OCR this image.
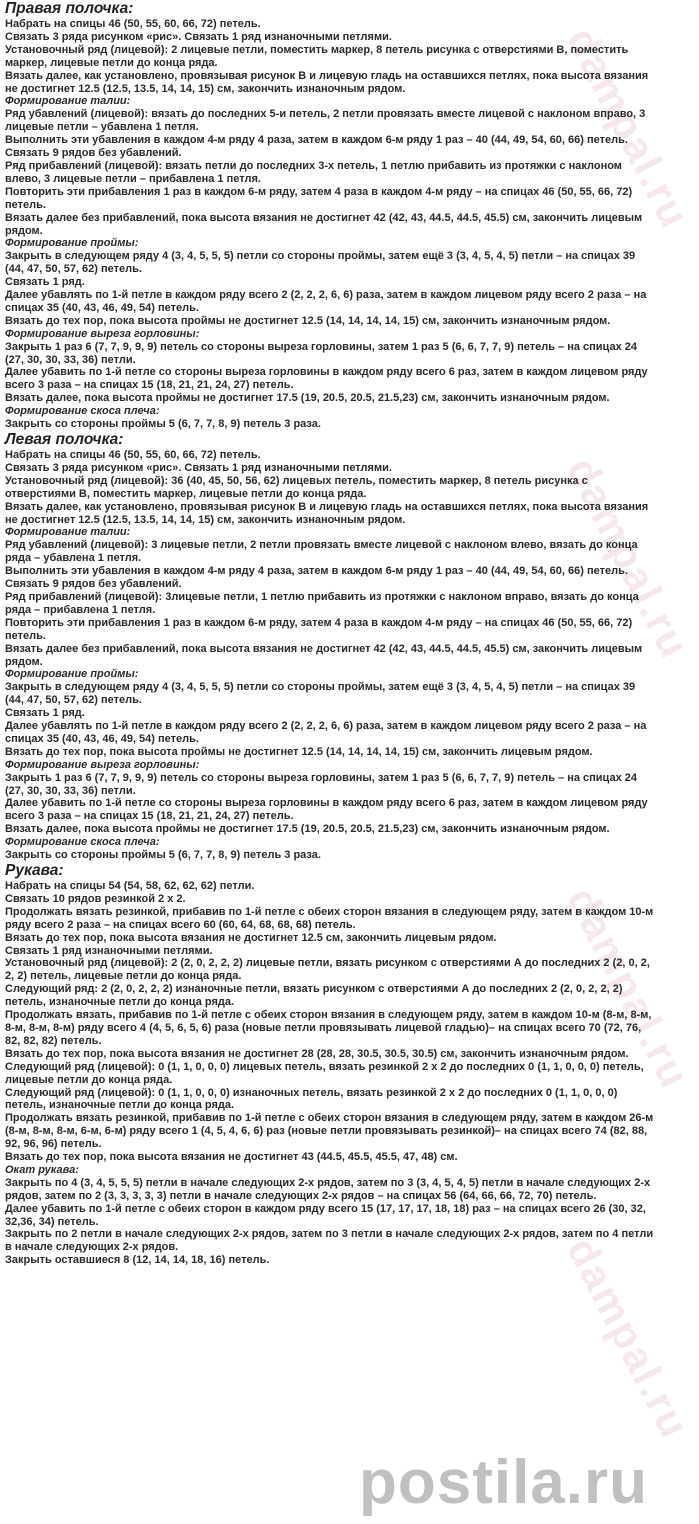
dampal.ru
dampal.ru
dampal.ru
dampal.ru
Правая полочка:
Набрать на спицы 46 (50, 55, 60, 66, 72) петель.
Связать 3 ряда рисунком «рис». Связать 1 ряд изнаночными петлями.
Установочный ряд (лицевой): 2 лицевые петли, поместить маркер, 8 петель рисунка с отверстиями В, поместить маркер, лицевые петли до конца ряда.
Вязать далее, как установлено, провязывая рисунок В и лицевую гладь на оставшихся петлях, пока высота вязания не достигнет 12.5 (12.5, 13.5, 14, 14, 15) см, закончить изнаночным рядом.
Формирование талии:
Ряд убавлений (лицевой): вязать до последних 5-и петель, 2 петли провязать вместе лицевой с наклоном вправо, 3 лицевые петли – убавлена 1 петля.
Выполнить эти убавления в каждом 4-м ряду 4 раза, затем в каждом 6-м ряду 1 раз – 40 (44, 49, 54, 60, 66) петель.
Связать 9 рядов без убавлений.
Ряд прибавлений (лицевой): вязать петли до последних 3-х петель, 1 петлю прибавить из протяжки с наклоном влево, 3 лицевые петли – прибавлена 1 петля.
Повторить эти прибавления 1 раз в каждом 6-м ряду, затем 4 раза в каждом 4-м ряду – на спицах 46 (50, 55, 66, 72) петель.
Вязать далее без прибавлений, пока высота вязания не достигнет 42 (42, 43, 44.5, 44.5, 45.5) см, закончить лицевым рядом.
Формирование проймы:
Закрыть в следующем ряду 4 (3, 4, 5, 5, 5) петли со стороны проймы, затем ещё 3 (3, 4, 5, 4, 5) петли – на спицах 39 (44, 47, 50, 57, 62) петель.
Связать 1 ряд.
Далее убавлять по 1-й петле в каждом ряду всего 2 (2, 2, 2, 6, 6) раза, затем в каждом лицевом ряду всего 2 раза – на спицах 35 (40, 43, 46, 49, 54) петель.
Вязать до тех пор, пока высота проймы не достигнет 12.5 (14, 14, 14, 14, 15) см, закончить изнаночным рядом.
Формирование выреза горловины:
Закрыть 1 раз 6 (7, 7, 9, 9, 9) петель со стороны выреза горловины, затем 1 раз 5 (6, 6, 7, 7, 9) петель – на спицах 24 (27, 30, 30, 33, 36) петли.
Далее убавить по 1-й петле со стороны выреза горловины в каждом ряду всего 6 раз, затем в каждом лицевом ряду всего 3 раза – на спицах 15 (18, 21, 21, 24, 27) петель.
Вязать далее, пока высота проймы не достигнет 17.5 (19, 20.5, 20.5, 21.5,23) см, закончить изнаночным рядом.
Формирование скоса плеча:
Закрыть со стороны проймы 5 (6, 7, 7, 8, 9) петель 3 раза.
Левая полочка:
Набрать на спицы 46 (50, 55, 60, 66, 72) петель.
Связать 3 ряда рисунком «рис». Связать 1 ряд изнаночными петлями.
Установочный ряд (лицевой): 36 (40, 45, 50, 56, 62) лицевых петель, поместить маркер, 8 петель рисунка с отверстиями В, поместить маркер, лицевые петли до конца ряда.
Вязать далее, как установлено, провязывая рисунок В и лицевую гладь на оставшихся петлях, пока высота вязания не достигнет 12.5 (12.5, 13.5, 14, 14, 15) см, закончить изнаночным рядом.
Формирование талии:
Ряд убавлений (лицевой): 3 лицевые петли, 2 петли провязать вместе лицевой с наклоном влево, вязать до конца ряда – убавлена 1 петля.
Выполнить эти убавления в каждом 4-м ряду 4 раза, затем в каждом 6-м ряду 1 раз – 40 (44, 49, 54, 60, 66) петель.
Связать 9 рядов без убавлений.
Ряд прибавлений (лицевой): 3лицевые петли, 1 петлю прибавить из протяжки с наклоном вправо, вязать до конца ряда – прибавлена 1 петля.
Повторить эти прибавления 1 раз в каждом 6-м ряду, затем 4 раза в каждом 4-м ряду – на спицах 46 (50, 55, 66, 72) петель.
Вязать далее без прибавлений, пока высота вязания не достигнет 42 (42, 43, 44.5, 44.5, 45.5) см, закончить лицевым рядом.
Формирование проймы:
Закрыть в следующем ряду 4 (3, 4, 5, 5, 5) петли со стороны проймы, затем ещё 3 (3, 4, 5, 4, 5) петли – на спицах 39 (44, 47, 50, 57, 62) петель.
Связать 1 ряд.
Далее убавлять по 1-й петле в каждом ряду всего 2 (2, 2, 2, 6, 6) раза, затем в каждом лицевом ряду всего 2 раза – на спицах 35 (40, 43, 46, 49, 54) петель.
Вязать до тех пор, пока высота проймы не достигнет 12.5 (14, 14, 14, 14, 15) см, закончить лицевым рядом.
Формирование выреза горловины:
Закрыть 1 раз 6 (7, 7, 9, 9, 9) петель со стороны выреза горловины, затем 1 раз 5 (6, 6, 7, 7, 9) петель – на спицах 24 (27, 30, 30, 33, 36) петли.
Далее убавить по 1-й петле со стороны выреза горловины в каждом ряду всего 6 раз, затем в каждом лицевом ряду всего 3 раза – на спицах 15 (18, 21, 21, 24, 27) петель.
Вязать далее, пока высота проймы не достигнет 17.5 (19, 20.5, 20.5, 21.5,23) см, закончить изнаночным рядом.
Формирование скоса плеча:
Закрыть со стороны проймы 5 (6, 7, 7, 8, 9) петель 3 раза.
Рукава:
Набрать на спицы 54 (54, 58, 62, 62, 62) петли.
Связать 10 рядов резинкой 2 х 2.
Продолжать вязать резинкой, прибавив по 1-й петле с обеих сторон вязания в следующем ряду, затем в каждом 10-м ряду всего 2 раза – на спицах всего 60 (60, 64, 68, 68, 68) петель.
Вязать до тех пор, пока высота вязания не достигнет 12.5 см, закончить лицевым рядом.
Связать 1 ряд изнаночными петлями.
Установочный ряд (лицевой): 2 (2, 0, 2, 2, 2) лицевые петли, вязать рисунком с отверстиями А до последних 2 (2, 0, 2, 2, 2) петель, лицевые петли до конца ряда.
Следующий ряд: 2 (2, 0, 2, 2, 2) изнаночные петли, вязать рисунком с отверстиями А до последних 2 (2, 0, 2, 2, 2) петель, изнаночные петли до конца ряда.
Продолжать вязать, прибавив по 1-й петле с обеих сторон вязания в следующем ряду, затем в каждом 10-м (8-м, 8-м, 8-м, 8-м, 8-м) ряду всего 4 (4, 5, 6, 5, 6) раза (новые петли провязывать лицевой гладью)– на спицах всего 70 (72, 76, 82, 82, 82) петель.
Вязать до тех пор, пока высота вязания не достигнет 28 (28, 28, 30.5, 30.5, 30.5) см, закончить изнаночным рядом.
Следующий ряд (лицевой): 0 (1, 1, 0, 0, 0) лицевых петель, вязать резинкой 2 х 2 до последних 0 (1, 1, 0, 0, 0) петель, лицевые петли до конца ряда.
Следующий ряд (лицевой): 0 (1, 1, 0, 0, 0) изнаночных петель, вязать резинкой 2 х 2 до последних 0 (1, 1, 0, 0, 0) петель, изнаночные петли до конца ряда.
Продолжать вязать резинкой, прибавив по 1-й петле с обеих сторон вязания в следующем ряду, затем в каждом 26-м (8-м, 8-м, 8-м, 6-м, 6-м) ряду всего 1 (4, 5, 4, 6, 6) раз (новые петли провязывать резинкой)– на спицах всего 74 (82, 88, 92, 96, 96) петель.
Вязать до тех пор, пока высота вязания не достигнет 43 (44.5, 45.5, 45.5, 47, 48) см.
Окат рукава:
Закрыть по 4 (3, 4, 5, 5, 5) петли в начале следующих 2-х рядов, затем по 3 (3, 4, 5, 4, 5) петли в начале следующих 2-х рядов, затем по 2 (3, 3, 3, 3, 3) петли в начале следующих 2-х рядов – на спицах 56 (64, 66, 66, 72, 70) петель.
Далее убавить по 1-й петле с обеих сторон в каждом ряду всего 15 (17, 17, 17, 18, 18) раз – на спицах всего 26 (30, 32, 32,36, 34) петель.
Закрыть по 2 петли в начале следующих 2-х рядов, затем по 3 петли в начале следующих 2-х рядов, затем по 4 петли в начале следующих 2-х рядов.
Закрыть оставшиеся 8 (12, 14, 14, 18, 16) петель.
postila.ru
